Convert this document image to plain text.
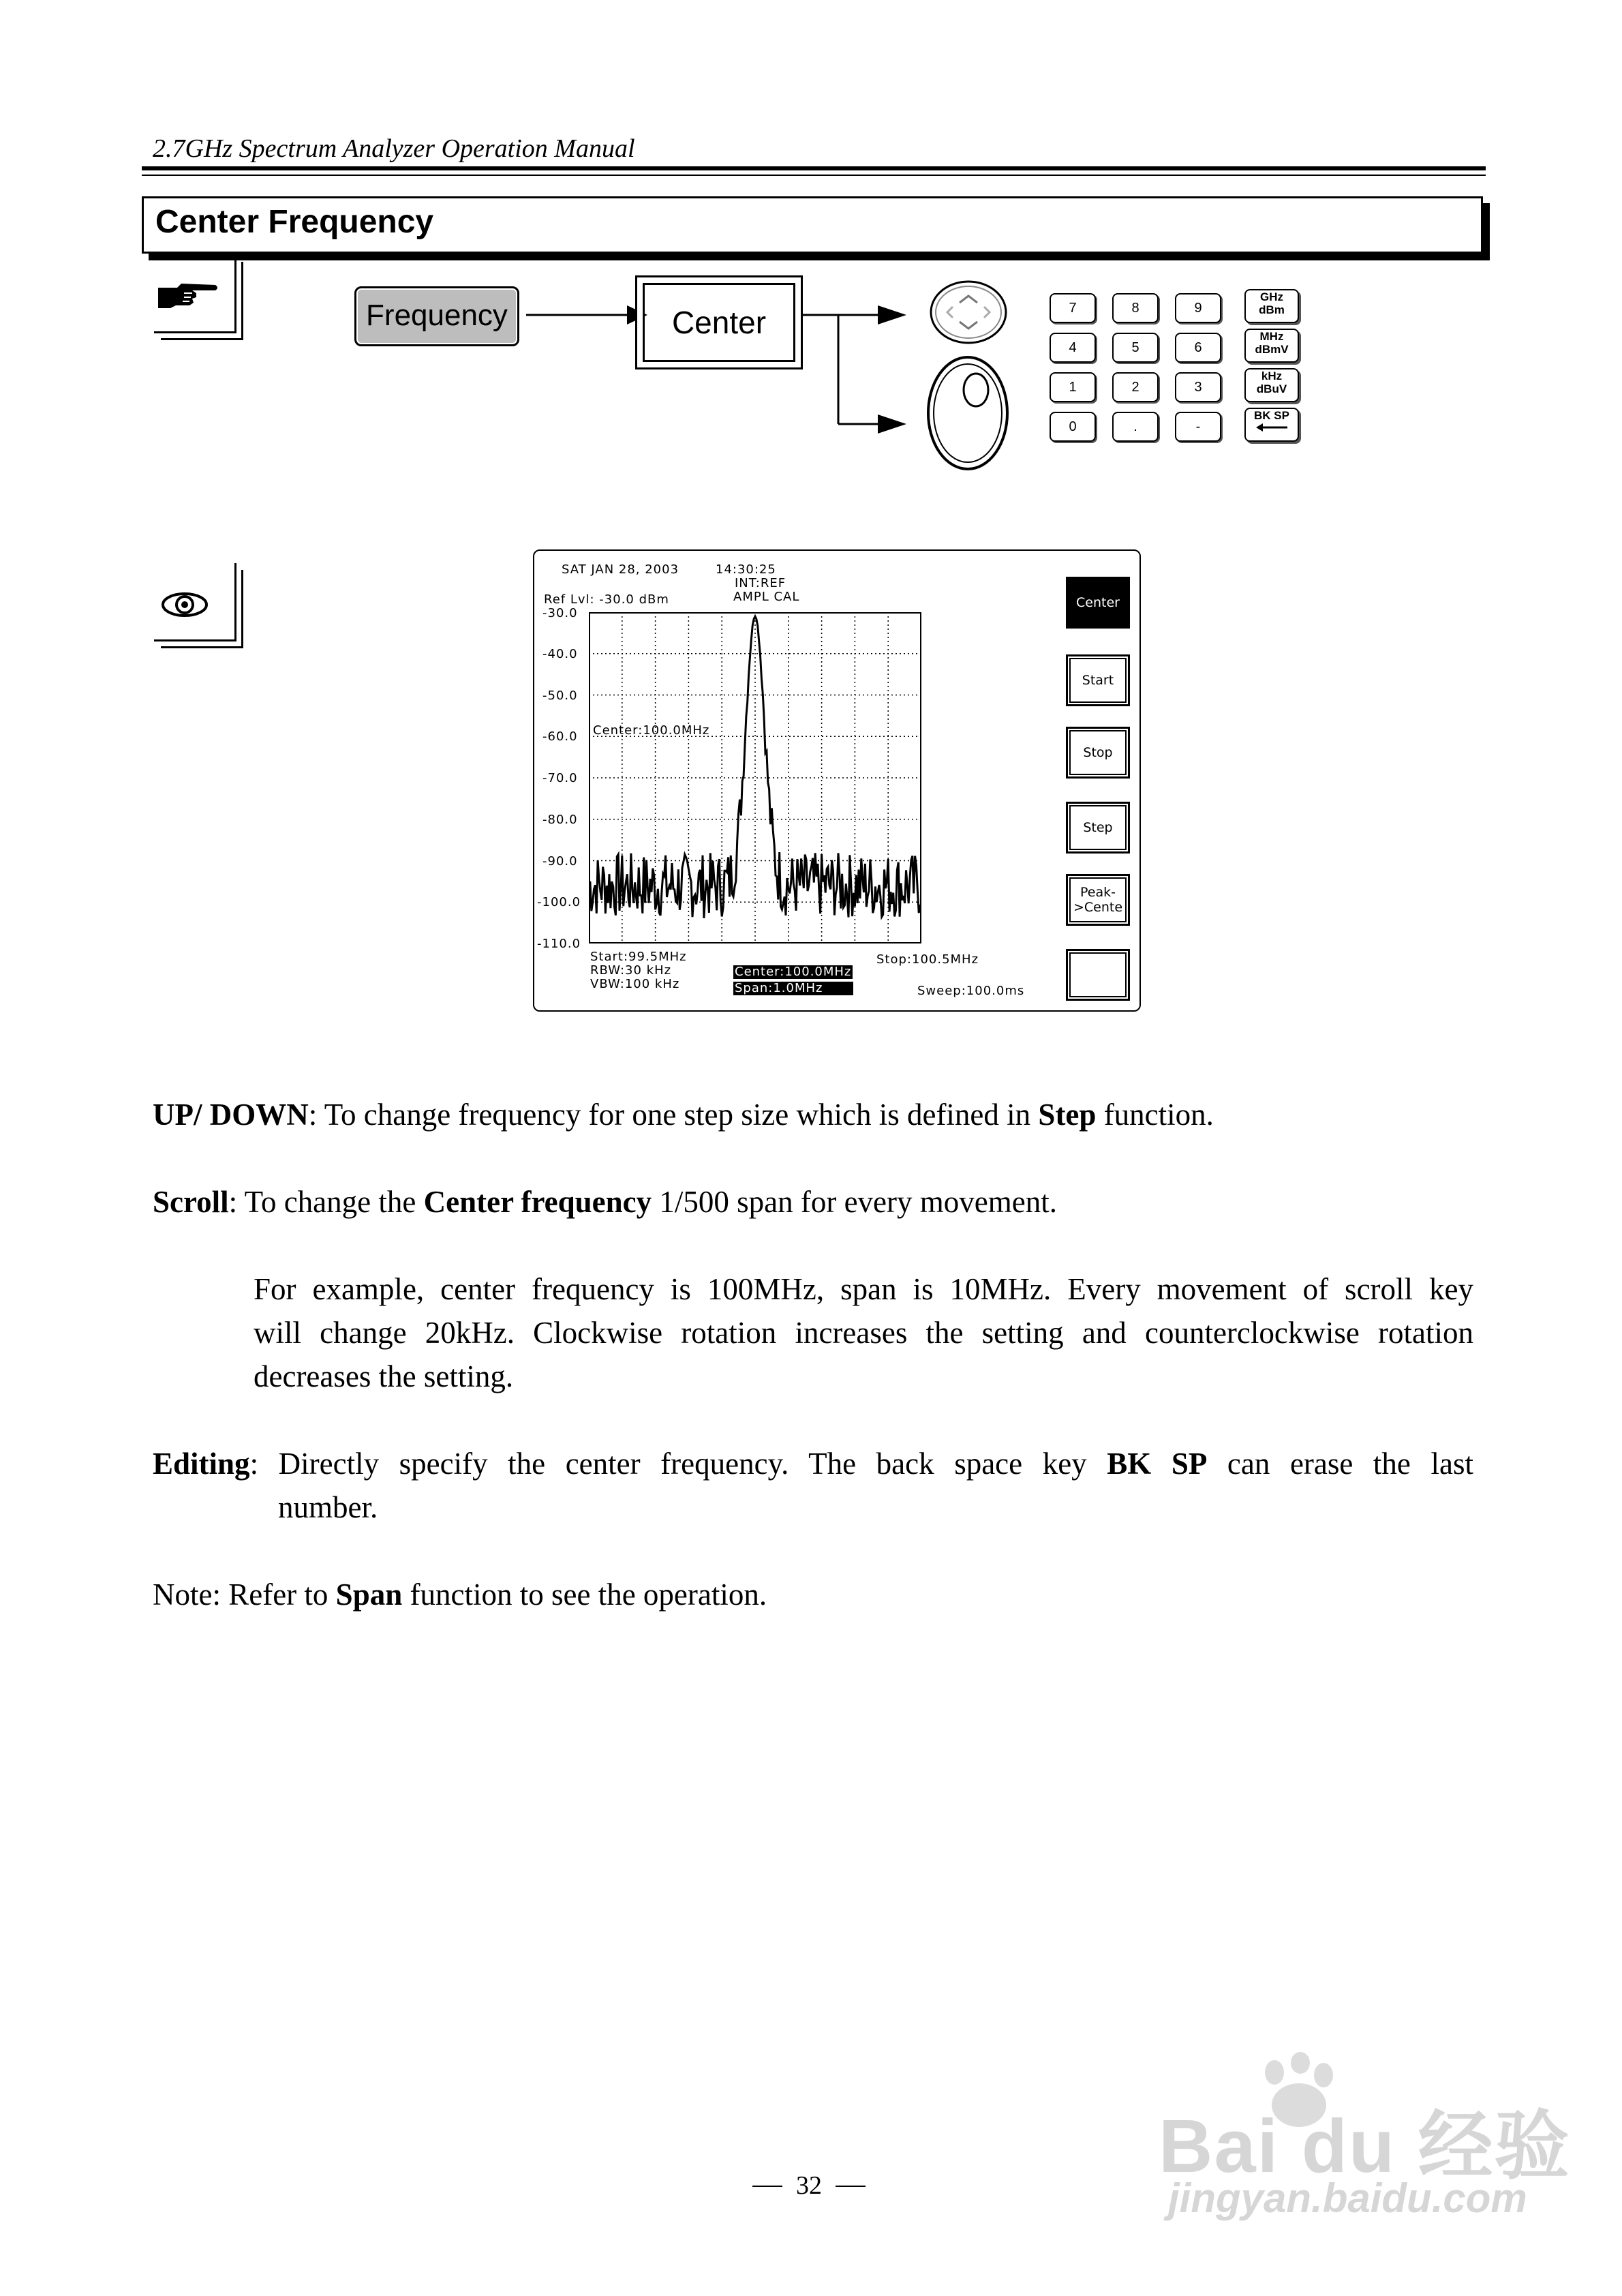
2.7GHz Spectrum Analyzer Operation Manual
Center Frequency
Frequency	Center	7	8	9
4	5	6
1	2	3
0	.	-
GHz
dBm
MHz
dBmV
kHz
dBuV
BK SP
SAT JAN 28, 2003	14:30:25
INT:REF
AMPL CAL
Ref Lvl: -30.0 dBm
-30.0
-40.0
-50.0
-60.0
-70.0
-80.0
-90.0
-100.0
-110.0
Center:100.0MHz
Start:99.5MHz
RBW:30 kHz
VBW:100 kHz
Center:100.0MHz
Span:1.0MHz
Stop:100.5MHz
Sweep:100.0ms
Center
Start
Stop
Step
Peak-
>Cente
UP/ DOWN: To change frequency for one step size which is defined in Step function.
Scroll: To change the Center frequency 1/500 span for every movement.
For example, center frequency is 100MHz, span is 10MHz. Every movement of scroll key
will change 20kHz. Clockwise rotation increases the setting and counterclockwise rotation
decreases the setting.
Editing: Directly specify the center frequency. The back space key BK SP can erase the last
number.
Note: Refer to Span function to see the operation.
32	Bai du 经验
jingyan.baidu.com
